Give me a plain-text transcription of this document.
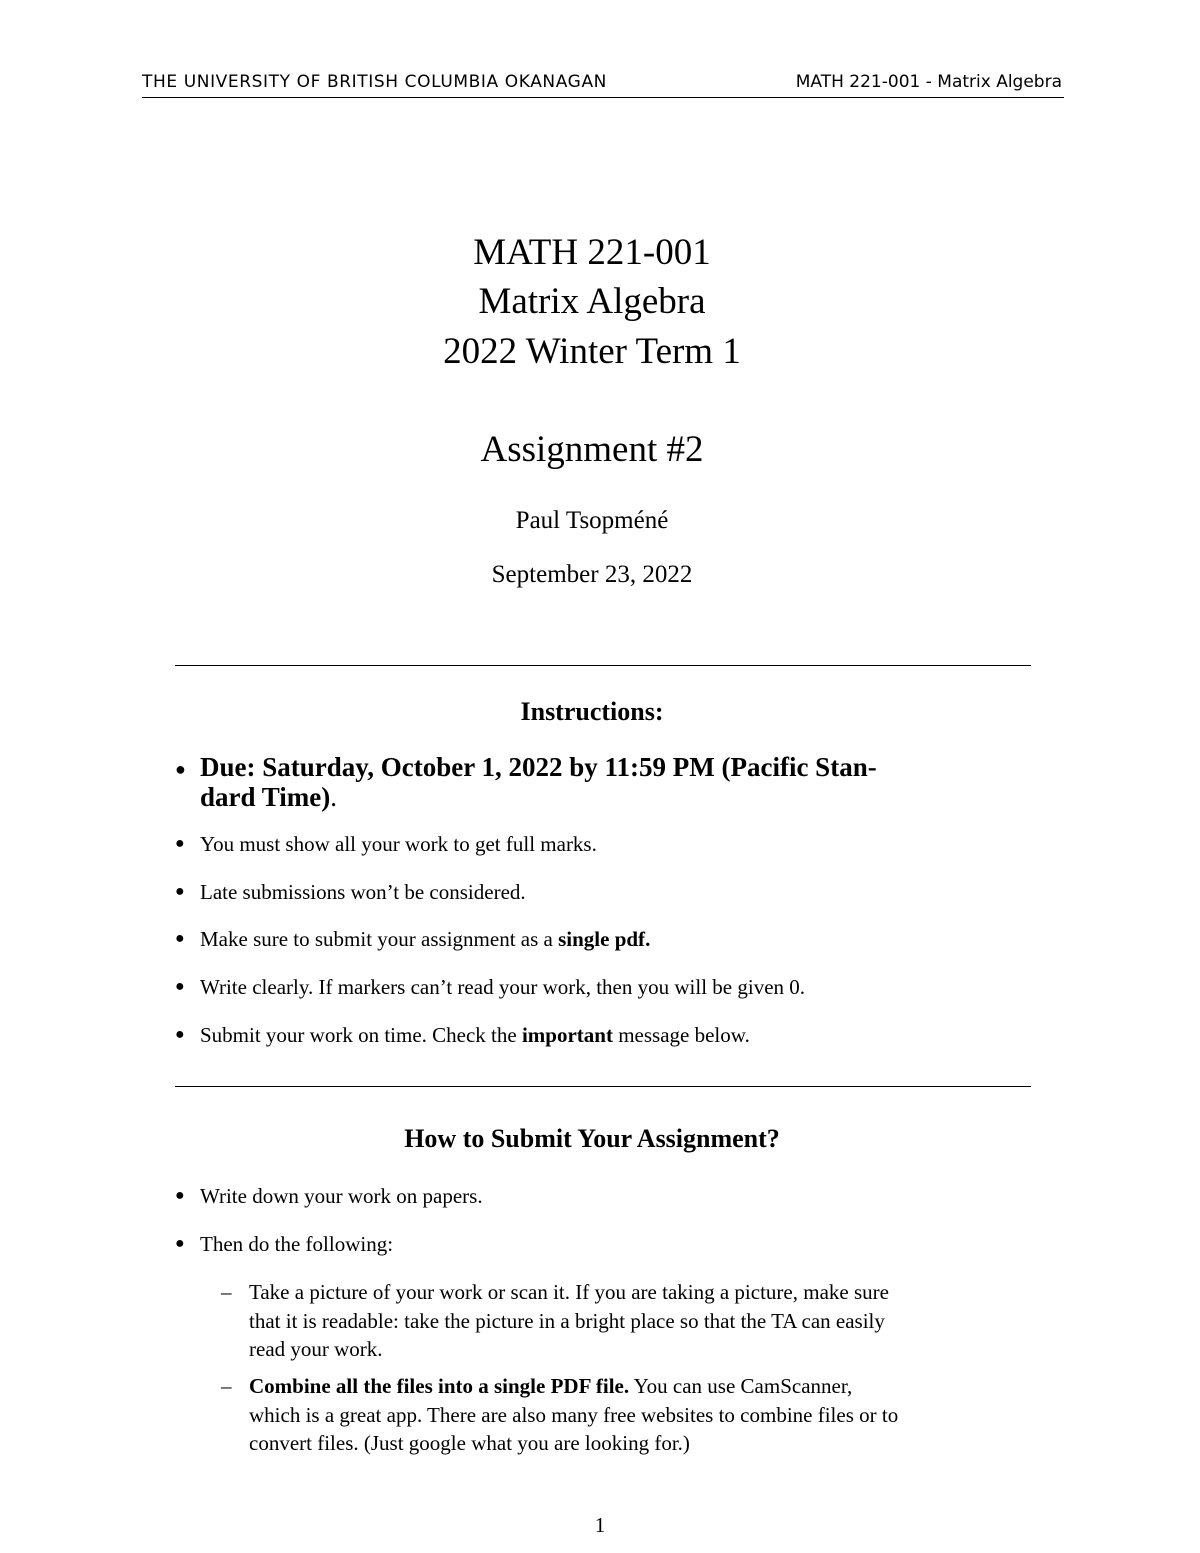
THE UNIVERSITY OF BRITISH COLUMBIA OKANAGAN	MATH 221-001 - Matrix Algebra
MATH 221-001
Matrix Algebra
2022 Winter Term 1
Assignment #2
Paul Tsopméné
September 23, 2022
Instructions:
● Due: Saturday, October 1, 2022 by 11:59 PM (Pacific Stan-
dard Time).
● You must show all your work to get full marks.
● Late submissions won’t be considered.
● Make sure to submit your assignment as a single pdf.
● Write clearly. If markers can’t read your work, then you will be given 0.
● Submit your work on time. Check the important message below.
How to Submit Your Assignment?
● Write down your work on papers.
● Then do the following:
– Take a picture of your work or scan it. If you are taking a picture, make sure
that it is readable: take the picture in a bright place so that the TA can easily
read your work.
– Combine all the files into a single PDF file. You can use CamScanner,
which is a great app. There are also many free websites to combine files or to
convert files. (Just google what you are looking for.)
1
